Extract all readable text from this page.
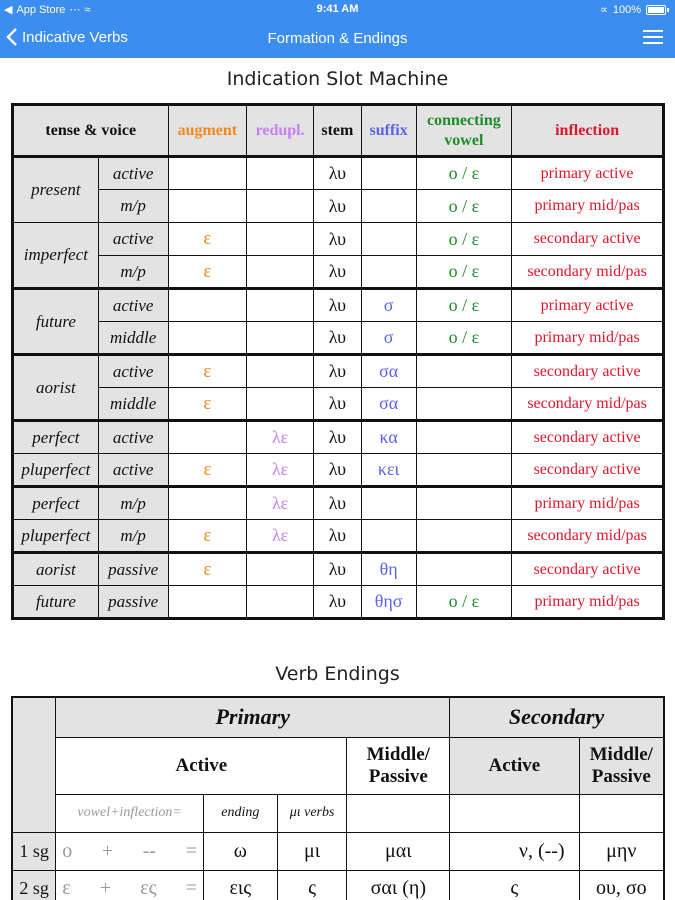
◀ App Store ⋯ ≈	9:41 AM	∝ 100%
Indicative Verbs	Formation & Endings
Indication Slot Machine
tense & voice		augment	redupl.	stem	suffix	connecting vowel	inflection
present	active			λυ		ο / ε	primary active
	m/p			λυ		ο / ε	primary mid/pas
imperfect	active	ε		λυ		ο / ε	secondary active
	m/p	ε		λυ		ο / ε	secondary mid/pas
future	active			λυ	σ	ο / ε	primary active
	middle			λυ	σ	ο / ε	primary mid/pas
aorist	active	ε		λυ	σα		secondary active
	middle	ε		λυ	σα		secondary mid/pas
perfect	active		λε	λυ	κα		secondary active
pluperfect	active	ε	λε	λυ	κει		secondary active
perfect	m/p		λε	λυ			primary mid/pas
pluperfect	m/p	ε	λε	λυ			secondary mid/pas
aorist	passive	ε		λυ	θη		secondary active
future	passive			λυ	θησ	ο / ε	primary mid/pas
Verb Endings
	Primary				Secondary	
	Active			Middle/ Passive	Active	Middle/ Passive
	vowel+inflection=	ending	μι verbs			
1 sg	ο + -- =	ω	μι	μαι	ν, (--)	μην
2 sg	ε + ες =	εις	ς	σαι (η)	ς	ου, σο
